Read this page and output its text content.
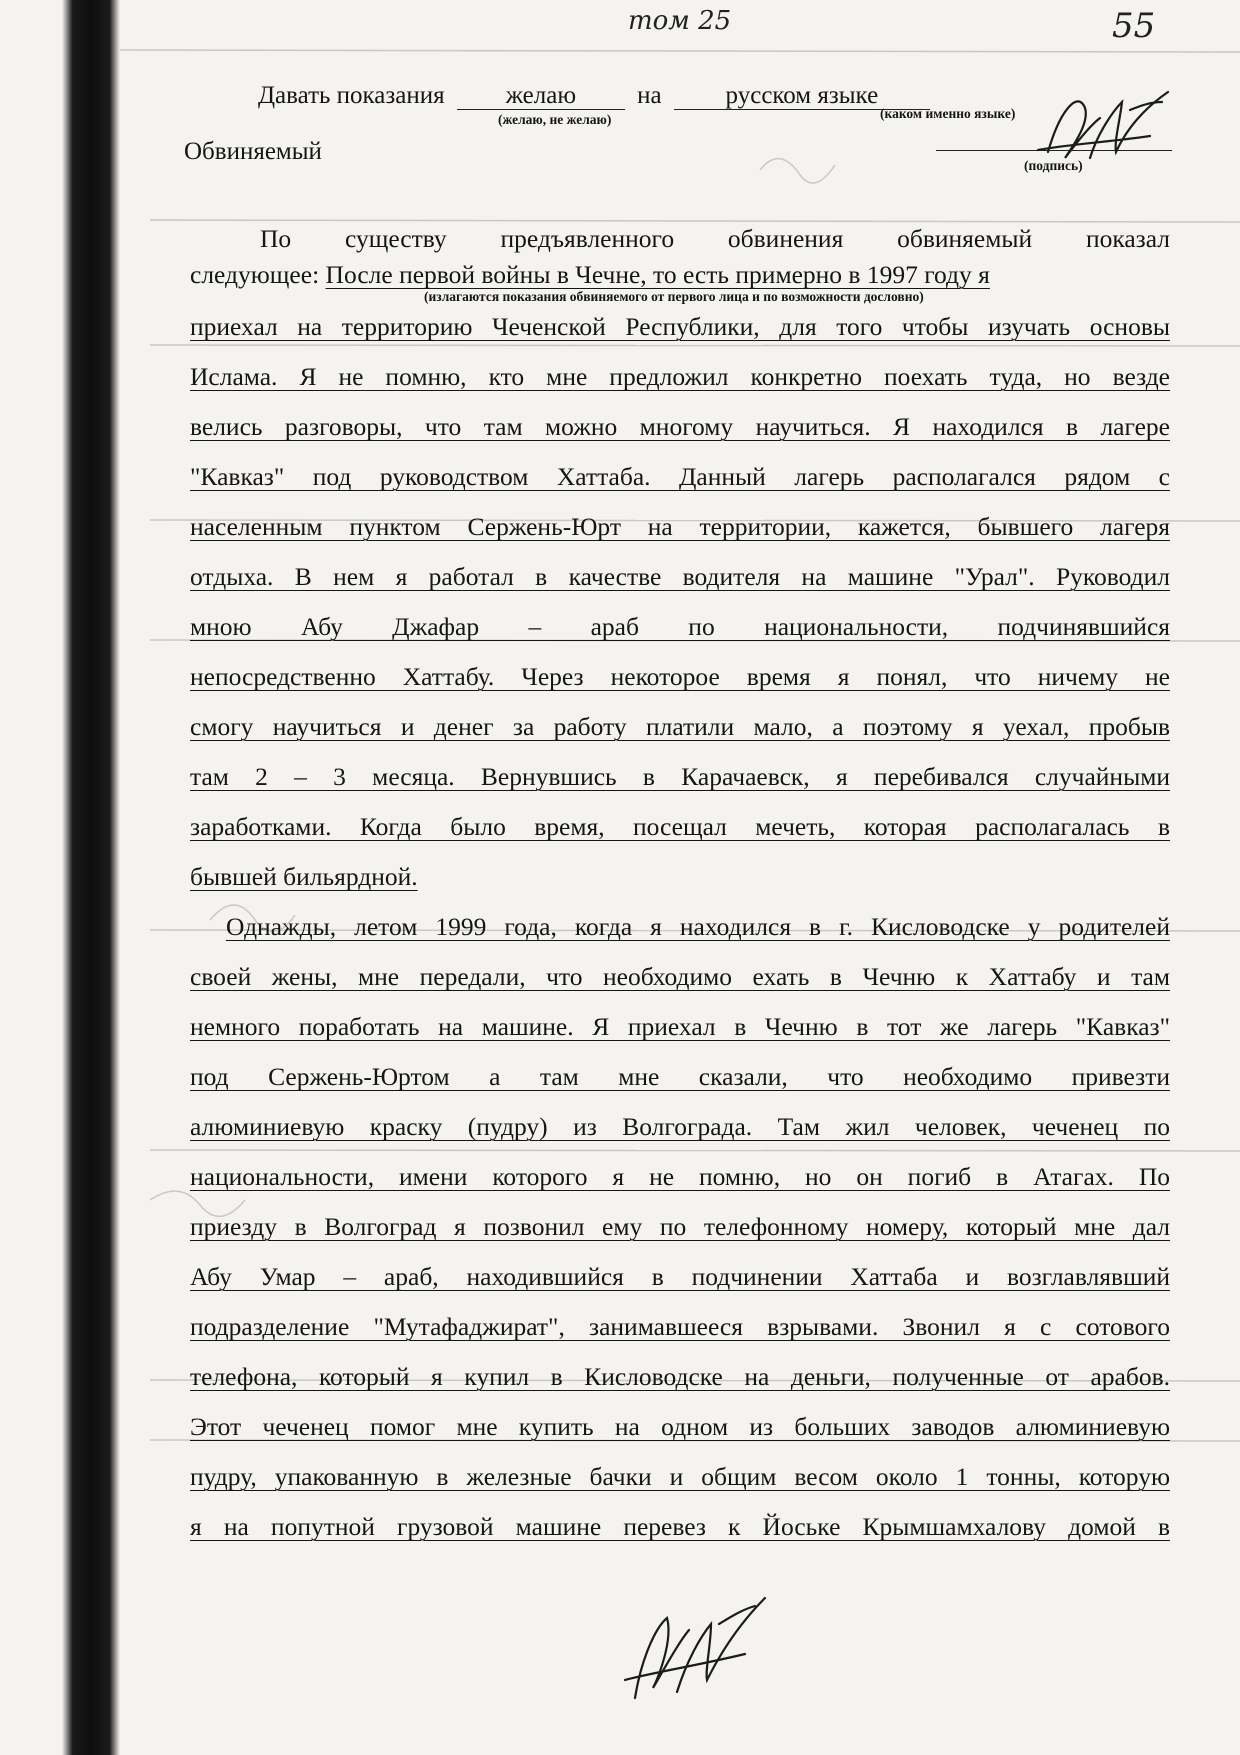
том 25	55
Давать показания желаю на	русском языке
(желаю, не желаю)	(каком именно языке)
Обвиняемый
(подпись)
По существу предъявленного обвинения обвиняемый показал
следующее: После первой войны в Чечне, то есть примерно в 1997 году я
(излагаются показания обвиняемого от первого лица и по возможности дословно)
приехал на территорию Чеченской Республики, для того чтобы изучать основы
Ислама. Я не помню, кто мне предложил конкретно поехать туда, но везде
велись разговоры, что там можно многому научиться. Я находился в лагере
"Кавказ" под руководством Хаттаба. Данный лагерь располагался рядом с
населенным пунктом Сержень-Юрт на территории, кажется, бывшего лагеря
отдыха. В нем я работал в качестве водителя на машине "Урал". Руководил
мною Абу Джафар – араб по национальности, подчинявшийся
непосредственно Хаттабу. Через некоторое время я понял, что ничему не
смогу научиться и денег за работу платили мало, а поэтому я уехал, пробыв
там 2 – 3 месяца. Вернувшись в Карачаевск, я перебивался случайными
заработками. Когда было время, посещал мечеть, которая располагалась в
бывшей бильярдной.
Однажды, летом 1999 года, когда я находился в г. Кисловодске у родителей
своей жены, мне передали, что необходимо ехать в Чечню к Хаттабу и там
немного поработать на машине. Я приехал в Чечню в тот же лагерь "Кавказ"
под Сержень-Юртом а там мне сказали, что необходимо привезти
алюминиевую краску (пудру) из Волгограда. Там жил человек, чеченец по
национальности, имени которого я не помню, но он погиб в Атагах. По
приезду в Волгоград я позвонил ему по телефонному номеру, который мне дал
Абу Умар – араб, находившийся в подчинении Хаттаба и возглавлявший
подразделение "Мутафаджират", занимавшееся взрывами. Звонил я с сотового
телефона, который я купил в Кисловодске на деньги, полученные от арабов.
Этот чеченец помог мне купить на одном из больших заводов алюминиевую
пудру, упакованную в железные бачки и общим весом около 1 тонны, которую
я на попутной грузовой машине перевез к Йоське Крымшамхалову домой в
